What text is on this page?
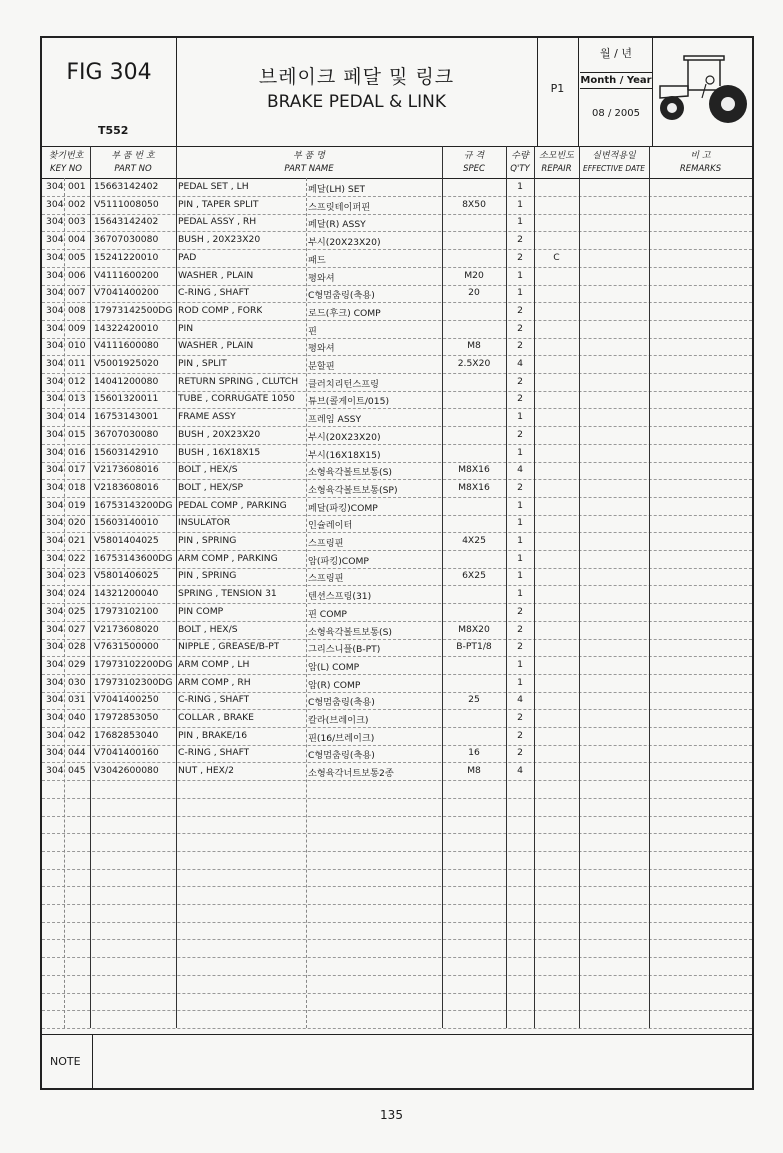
FIG 304
T552
브레이크 페달 및 링크
BRAKE PEDAL & LINK
P1
월 / 년
Month / Year
08 / 2005
찾기번호
KEY NO
부 품 번 호
PART NO
부 품 명
PART NAME
규 격
SPEC
수량
Q'TY
소모빈도
REPAIR
실변적용일
EFFECTIVE DATE
비 고
REMARKS
304 001 15663142402 PEDAL SET , LH	페달(LH) SET	1
304 002 V5111008050 PIN , TAPER SPLIT	스프릿테이퍼핀	8X50	1
304 003 15643142402 PEDAL ASSY , RH	페달(R) ASSY	1
304 004 36707030080 BUSH , 20X23X20	부시(20X23X20)	2
304 005 15241220010 PAD	패드	2	C
304 006 V4111600200 WASHER , PLAIN	평와셔	M20	1
304 007 V7041400200 C-RING , SHAFT	C형멈춤링(축용)	20	1
304 008 17973142500DG ROD COMP , FORK	로드(후크) COMP	2
304 009 14322420010 PIN	핀	2
304 010 V4111600080 WASHER , PLAIN	평와셔	M8	2
304 011 V5001925020 PIN , SPLIT	분할핀	2.5X20	4
304 012 14041200080 RETURN SPRING , CLUTCH 클러치리턴스프링	2
304 013 15601320011 TUBE , CORRUGATE 1050 튜브(콜게이트/015)	2
304 014 16753143001 FRAME ASSY	프레임 ASSY	1
304 015 36707030080 BUSH , 20X23X20	부시(20X23X20)	2
304 016 15603142910 BUSH , 16X18X15	부시(16X18X15)	1
304 017 V2173608016 BOLT , HEX/S	소형육각볼트보통(S)	M8X16	4
304 018 V2183608016 BOLT , HEX/SP	소형육각볼트보통(SP)	M8X16	2
304 019 16753143200DG PEDAL COMP , PARKING 페달(파킹)COMP	1
304 020 15603140010 INSULATOR	인슐레이터	1
304 021 V5801404025 PIN , SPRING	스프링핀	4X25	1
304 022 16753143600DG ARM COMP , PARKING	암(파킹)COMP	1
304 023 V5801406025 PIN , SPRING	스프링핀	6X25	1
304 024 14321200040 SPRING , TENSION 31	텐션스프링(31)	1
304 025 17973102100 PIN COMP	핀 COMP	2
304 027 V2173608020 BOLT , HEX/S	소형육각볼트보통(S)	M8X20	2
304 028 V7631500000 NIPPLE , GREASE/B-PT	그리스니플(B-PT)	B-PT1/8	2
304 029 17973102200DG ARM COMP , LH	암(L) COMP	1
304 030 17973102300DG ARM COMP , RH	암(R) COMP	1
304 031 V7041400250 C-RING , SHAFT	C형멈춤링(축용)	25	4
304 040 17972853050 COLLAR , BRAKE	칼라(브레이크)	2
304 042 17682853040 PIN , BRAKE/16	핀(16/브레이크)	2
304 044 V7041400160 C-RING , SHAFT	C형멈춤링(축용)	16	2
304 045 V3042600080 NUT , HEX/2	소형육각너트보통2종	M8	4
NOTE
135
